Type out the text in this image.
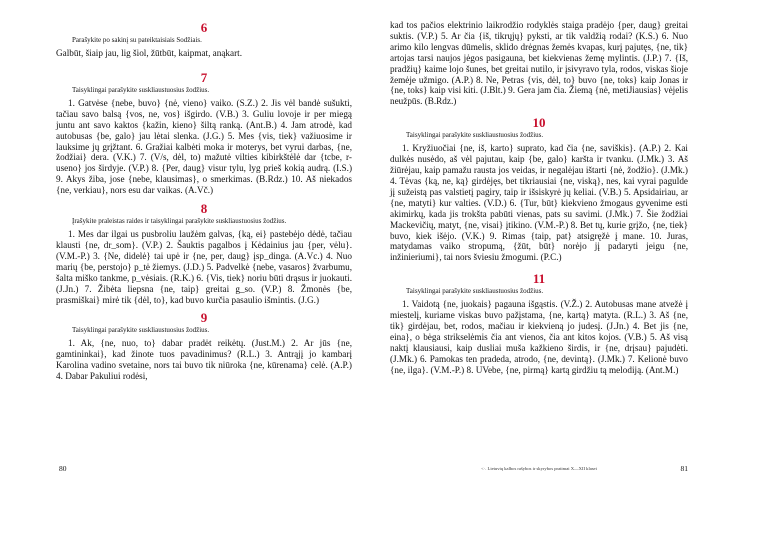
6

Parašykite po sakinį su pateiktaisiais Sodžiais.

Galbūt, šiaip jau, lig šiol, žūtbūt, kaipmat, anąkart.

7

Taisyklingai parašykite suskliaustuosius žodžius.

1. Gatvėse {nebe, buvo} {nė, vieno} vaiko. (S.Z.) 2. Jis vėl bandė sušukti, tačiau savo balsą {vos, ne, vos} išgirdo. (V.B.) 3. Guliu lovoje ir per miegą juntu ant savo kaktos {kažin, kieno} šiltą ranką. (Ant.B.) 4. Jam atrodė, kad autobusas {be, galo} jau lėtai slenka. (J.G.) 5. Mes {vis, tiek} važiuosime ir lauksime jų grįžtant. 6. Gražiai kalbėti moka ir moterys, bet vyrui darbas, {ne, žodžiai} dera. (V.K.) 7. (V/s, dėl, to) mažutė vilties kibirkštėlė dar {tcbe, r-useno} jos širdyje. (V.P.) 8. {Per, daug} visur tylu, lyg prieš kokią audrą. (I.S.) 9. Akys žiba, jose {nebe, klausimas}, o smerkimas. (B.Rdz.) 10. Aš niekados {ne, verkiau}, nors esu dar vaikas. (A.Vč.)

8

Įrašykite praleistas raides ir taisyklingai parašykite suskliaustuosius žodžius.

1. Mes dar ilgai us pusbroliu laužėm galvas, {ką, ei} pastebėjo dėdė, tačiau klausti {ne, dr_som}. (V.P.) 2. Šauktis pagalbos į Kėdainius jau {per, vėlu}. (V.M.-P.) 3. {Ne, didelė} tai upė ir {ne, per, daug} įsp_dinga. (A.Vc.) 4. Nuo marių {be, perstojo} p_tė žiemys. (J.D.) 5. Padvelkė {nebe, vasaros} žvarbumu, šalta miško tankme, p_vėsiais. (R.K.) 6. {Vis, tiek} noriu būti drąsus ir juokauti. (J.Jn.) 7. Žibėta liepsna {ne, taip} greitai g_so. (V.P.) 8. Žmonės {be, prasmiškai} mirė tik {dėl, to}, kad buvo kurčia pasaulio išmintis. (J.G.)

9

Taisyklingai parašykite suskliaustuosius žodžius.

1. Ak, {ne, nuo, to} dabar pradėt reikėtų. (Just.M.) 2. Ar jūs {ne, gamtininkai}, kad žinote tuos pavadinimus? (R.L.) 3. Antrąjį jo kambarį Karolina vadino svetaine, nors tai buvo tik niūroka {ne, kūrenama} celė. (A.P.) 4. Dabar Pakuliui rodėsi,

80

kad tos pačios elektrinio laikrodžio rodyklės staiga pradėjo {per, daug} greitai suktis. (V.P.) 5. Ar čia {iš, tikrųjų} pyksti, ar tik valdžią rodai? (K.S.) 6. Nuo arimo kilo lengvas dūmelis, sklido drėgnas žemės kvapas, kurį pajutęs, {ne, tik} artojas tarsi naujos jėgos pasigauna, bet kiekvienas žemę mylintis. (J.P.) 7. {Iš, pradžių} kaime lojo šunes, bet greitai nutilo, ir įsivyravo tyla, rodos, viskas šioje žemėje užmigo. (A.P.) 8. Ne, Petras {vis, dėl, to} buvo {ne, toks} kaip Jonas ir {ne, toks} kaip visi kiti. (J.Blt.) 9. Gera jam čia. Žiemą {nė, metiJiausias} vėjelis neužpūs. (B.Rdz.)

10

Taisyklingai parašykite suskliaustuosius žodžius.

1. Kryžiuočiai {ne, iš, karto} suprato, kad čia {ne, saviškis}. (A.P.) 2. Kai dulkės nusėdo, aš vėl pajutau, kaip {be, galo} karšta ir tvanku. (J.Mk.) 3. Aš žiūrėjau, kaip pamažu rausta jos veidas, ir negalėjau ištarti {nė, žodžio}. (J.Mk.) 4. Tėvas {ką, ne, ką} girdėjęs, bet tikriausiai {ne, viską}, nes, kai vyrai pagulde jį sužeistą pas valstietį pagiry, taip ir išsiskyrė jų keliai. (V.B.) 5. Apsidairiau, ar {ne, matyti} kur valties. (V.D.) 6. {Tur, būt} kiekvieno žmogaus gyvenime esti akimirkų, kada jis trokšta pabūti vienas, pats su savimi. (J.Mk.) 7. Šie žodžiai Mackevičių, matyt, {ne, visai} įtikino. (V.M.-P.) 8. Bet tų, kurie grįžo, {ne, tiek} buvo, kiek išėjo. (V.K.) 9. Rimas {taip, pat} atsigręžė į mane. 10. Juras, matydamas vaiko stropumą, {žūt, būt} norėjo jį padaryti jeigu {ne, inžinieriumi}, tai nors šviesiu žmogumi. (P.C.)

11

Taisyklingai parašykite suskliaustuosius žodžius.

1. Vaidotą {ne, juokais} pagauna išgąstis. (V.Ž.) 2. Autobusas mane atvežė į miestelį, kuriame viskas buvo pažįstama, {ne, kartą} matyta. (R.L.) 3. Aš {ne, tik} girdėjau, bet, rodos, mačiau ir kiekvieną jo judesį. (J.Jn.) 4. Bet jis {ne, eina}, o bėga strikselėmis čia ant vienos, čia ant kitos kojos. (V.B.) 5. Aš visą naktį klausiausi, kaip dusliai muša kažkieno širdis, ir {ne, drįsau} pajudėti. (J.Mk.) 6. Pamokas ten pradeda, atrodo, {ne, devintą}. (J.Mk.) 7. Kelionė buvo {ne, ilga}. (V.M.-P.) 8. UVebe, {ne, pirmą} kartą girdžiu tą melodiją. (Ant.M.)

<·. Lietuvių kalbos rašybos ir skyrybos pratimai X—XII klasei	81
